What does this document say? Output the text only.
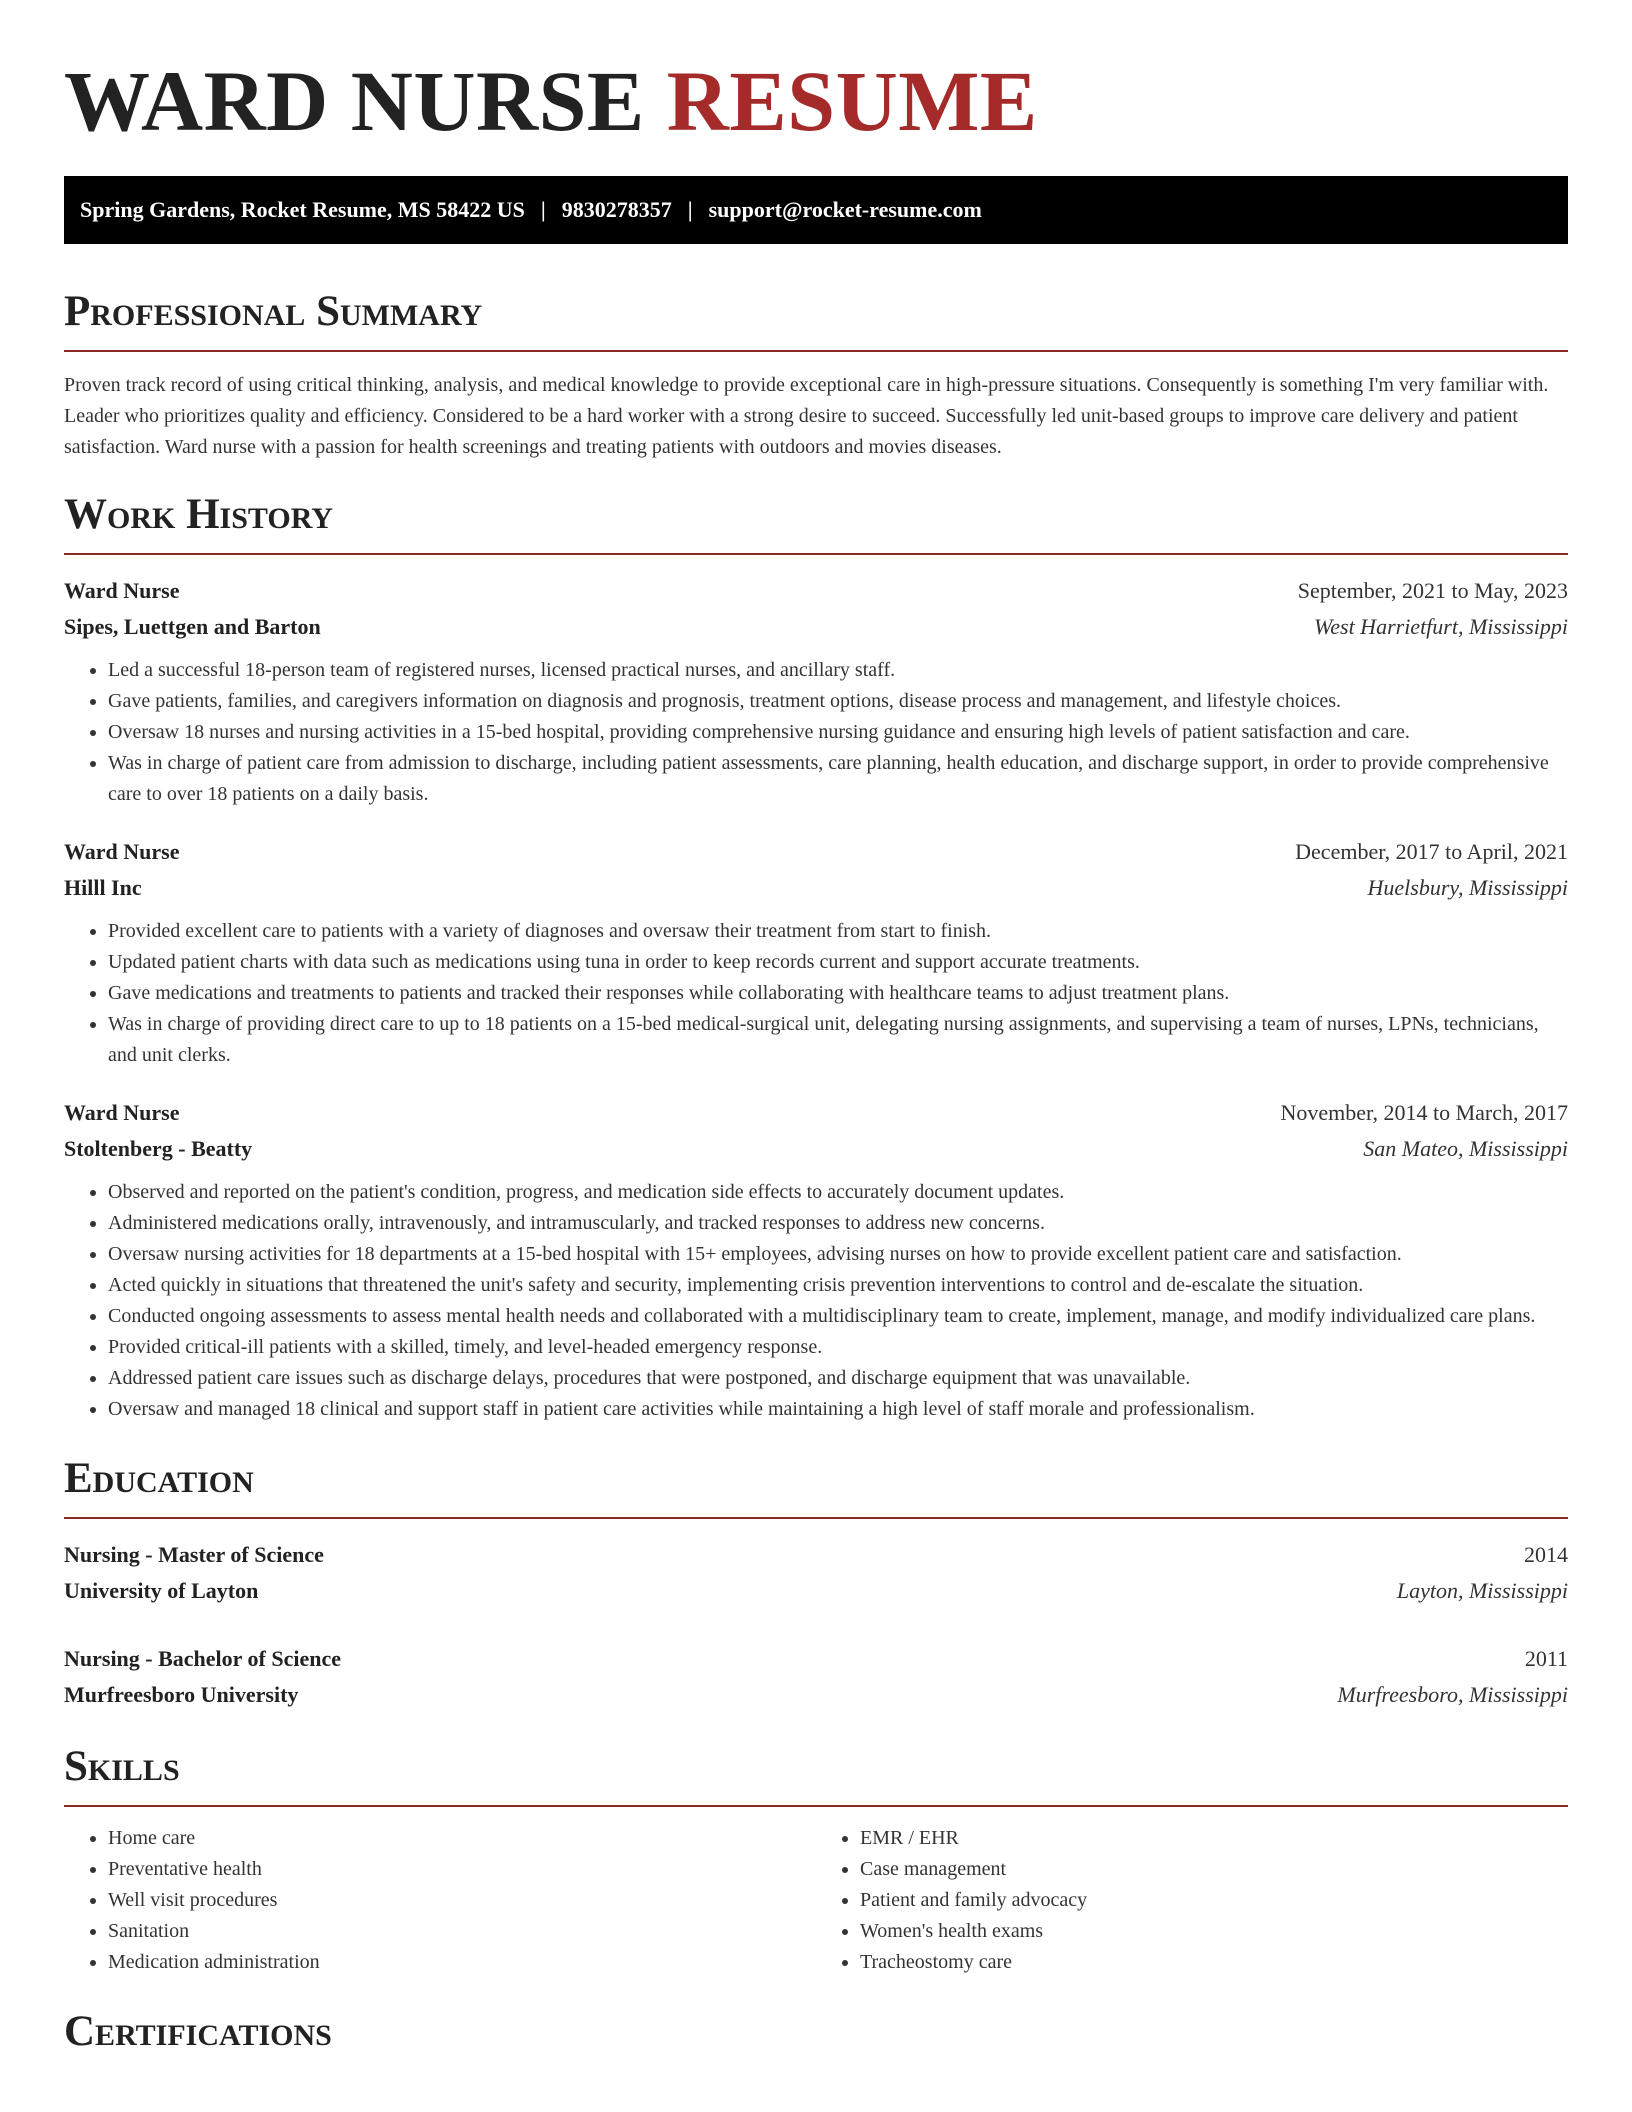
WARD NURSE RESUME
Spring Gardens, Rocket Resume, MS 58422 US | 9830278357 | support@rocket-resume.com
Professional Summary

Proven track record of using critical thinking, analysis, and medical knowledge to provide exceptional care in high-pressure situations. Consequently is something I'm very familiar with. Leader who prioritizes quality and efficiency. Considered to be a hard worker with a strong desire to succeed. Successfully led unit-based groups to improve care delivery and patient satisfaction. Ward nurse with a passion for health screenings and treating patients with outdoors and movies diseases.

Work History
Ward Nurse	September, 2021 to May, 2023
Sipes, Luettgen and Barton	West Harrietfurt, Mississippi
• Led a successful 18-person team of registered nurses, licensed practical nurses, and ancillary staff.
• Gave patients, families, and caregivers information on diagnosis and prognosis, treatment options, disease process and management, and lifestyle choices.
• Oversaw 18 nurses and nursing activities in a 15-bed hospital, providing comprehensive nursing guidance and ensuring high levels of patient satisfaction and care.
• Was in charge of patient care from admission to discharge, including patient assessments, care planning, health education, and discharge support, in order to provide comprehensive care to over 18 patients on a daily basis.
Ward Nurse	December, 2017 to April, 2021
Hilll Inc	Huelsbury, Mississippi
• Provided excellent care to patients with a variety of diagnoses and oversaw their treatment from start to finish.
• Updated patient charts with data such as medications using tuna in order to keep records current and support accurate treatments.
• Gave medications and treatments to patients and tracked their responses while collaborating with healthcare teams to adjust treatment plans.
• Was in charge of providing direct care to up to 18 patients on a 15-bed medical-surgical unit, delegating nursing assignments, and supervising a team of nurses, LPNs, technicians, and unit clerks.
Ward Nurse	November, 2014 to March, 2017
Stoltenberg - Beatty	San Mateo, Mississippi
• Observed and reported on the patient's condition, progress, and medication side effects to accurately document updates.
• Administered medications orally, intravenously, and intramuscularly, and tracked responses to address new concerns.
• Oversaw nursing activities for 18 departments at a 15-bed hospital with 15+ employees, advising nurses on how to provide excellent patient care and satisfaction.
• Acted quickly in situations that threatened the unit's safety and security, implementing crisis prevention interventions to control and de-escalate the situation.
• Conducted ongoing assessments to assess mental health needs and collaborated with a multidisciplinary team to create, implement, manage, and modify individualized care plans.
• Provided critical-ill patients with a skilled, timely, and level-headed emergency response.
• Addressed patient care issues such as discharge delays, procedures that were postponed, and discharge equipment that was unavailable.
• Oversaw and managed 18 clinical and support staff in patient care activities while maintaining a high level of staff morale and professionalism.
Education
Nursing - Master of Science	2014
University of Layton	Layton, Mississippi
Nursing - Bachelor of Science	2011
Murfreesboro University	Murfreesboro, Mississippi
Skills
• Home care
• Preventative health
• Well visit procedures
• Sanitation
• Medication administration
• EMR / EHR
• Case management
• Patient and family advocacy
• Women's health exams
• Tracheostomy care
Certifications
